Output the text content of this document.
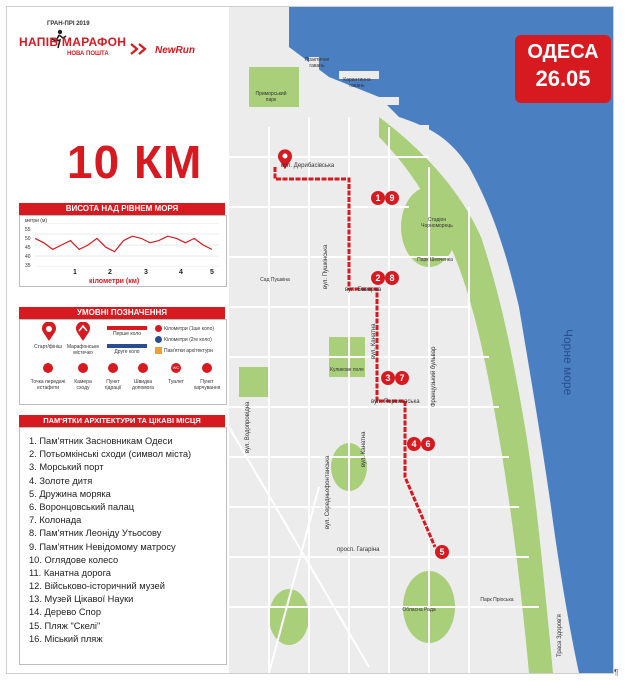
ГРАН-ПРІ 2019
НАПІВ МАРАФОН
НОВА ПОШТА	NewRun
10 КМ
ВИСОТА НАД РІВНЕМ МОРЯ
метри (м)
55
50
45
40
35
1	2	3	4	5
кілометри (км)
УМОВНІ ПОЗНАЧЕННЯ
Старт/фініш Марафонське містечко
Перше коло
Друге коло
Кілометри (1ше коло)
Кілометри (2ге коло)
Пам'ятки архітектури
Точка передачі естафети
Камера сходу
Пункт гідрації
Швидка допомога
WC
Туалет	Пункт харчування
ПАМ'ЯТКИ АРХІТЕКТУРИ ТА ЦІКАВІ МІСЦЯ
1. Пам'ятник Засновникам Одеси
2. Потьомкінські сходи (символ міста)
3. Морський порт
4. Золоте дитя
5. Дружина моряка
6. Воронцовський палац
7. Колонада
8. Пам'ятник Леоніду Утьосову
9. Пам'ятник Невідомому матросу
10. Оглядове колесо
11. Канатна дорога
12. Військово-історичний музей
13. Музей Цікавої Науки
14. Дерево Спор
15. Пляж "Скелі"
16. Міський пляж
ОДЕСА
26.05
Чорне море
вул. Дерибасівська
вул. Пушкінська
вул. Базарна
вул. Канатна
вул. Перекопська Французький бульвар
вул. Водопровідна
вул. Середньофонтанська
просп. Гагаріна
вул. Канатна
Траса Здоров'я
1 9
2 8
3 7
4 6
5
Практичне гавань
Карантинна гавань
Стадіон Чорноморець
Приморський парк
Парк Шевченка
Куликове поле
Сад Пушкіна
Обласна Рада
Парк Пріоська
¶
